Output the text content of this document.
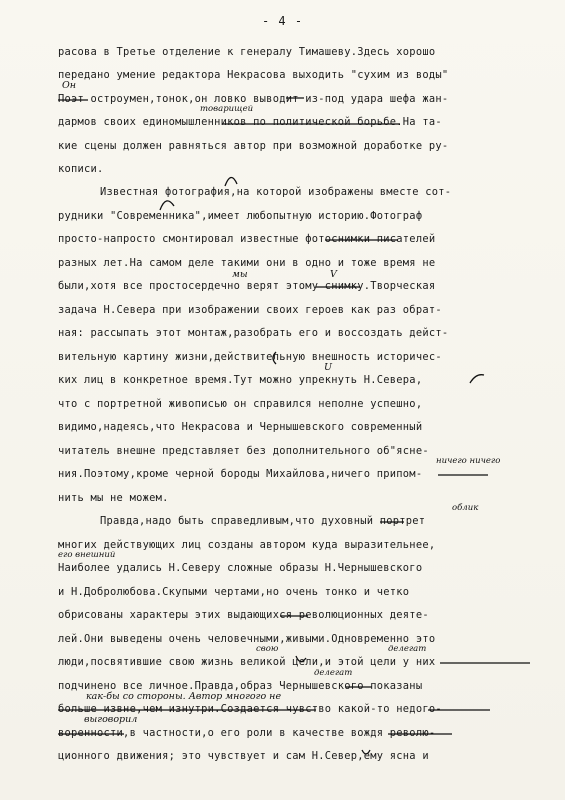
- 4 -
расова в Третье отделение к генералу Тимашеву.Здесь хорошо
передано умение редактора Некрасова выходить "сухим из воды"
Поэт остроумен,тонок,он ловко выводит из-под удара шефа жан-
дармов своих единомышленников по политической борьбе.На та-
кие сцены должен равняться автор при возможной доработке ру-
кописи.
Известная фотография,на которой изображены вместе сот-
рудники "Современника",имеет любопытную историю.Фотограф
просто-напросто смонтировал известные фотоснимки писателей
разных лет.На самом деле такими они в одно и тоже время не
были,хотя все простосердечно верят этому снимку.Творческая
задача Н.Севера при изображении своих героев как раз обрат-
ная: рассыпать этот монтаж,разобрать его и воссоздать дейст-
вительную картину жизни,действительную внешность историчес-
ких лиц в конкретное время.Тут можно упрекнуть Н.Севера,
что с портретной живописью он справился неполне успешно,
видимо,надеясь,что Некрасова и Чернышевского современный
читатель внешне представляет без дополнительного об"ясне-
ния.Поэтому,кроме черной бороды Михайлова,ничего припом-
нить мы не можем.
Правда,надо быть справедливым,что духовный портрет
многих действующих лиц созданы автором куда выразительнее,
Наиболее удались Н.Северу сложные образы Н.Чернышевского
и Н.Добролюбова.Скупыми чертами,но очень тонко и четко
обрисованы характеры этих выдающихся революционных деяте-
лей.Они выведены очень человечными,живыми.Одновременно это
люди,посвятившие свою жизнь великой цели,и этой цели у них
подчинено все личное.Правда,образ Чернышевского показаны
больше извне,чем изнутри.Создается чувство какой-то недого-
воренности,в частности,о его роли в качестве вождя револю-
ционного движения; это чувствует и сам Н.Север,ему ясна и
Он
товарищей
мы	V
U
ничего ничего
облик
его внешний
свою	делегат
делегат
как-бы со стороны. Автор многого не
выговорил
